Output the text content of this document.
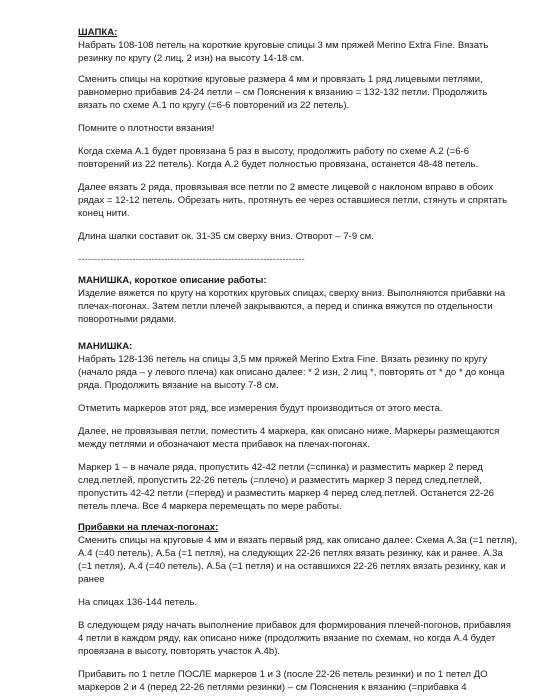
ШАПКА:

Набрать 108-108 петель на короткие круговые спицы 3 мм пряжей Merino Extra Fine. Вязать резинку по кругу (2 лиц, 2 изн) на высоту 14-18 см.

Сменить спицы на короткие круговые размера 4 мм и провязать 1 ряд лицевыми петлями, равномерно прибавив 24-24 петли – см Пояснения к вязанию = 132-132 петли. Продолжить вязать по схеме А.1 по кругу (=6-6 повторений из 22 петель).

Помните о плотности вязания!

Когда схема А.1 будет провязана 5 раз в высоту, продолжить работу по схеме А.2 (=6-6 повторений из 22 петель). Когда А.2 будет полностью провязана, останется 48-48 петель.

Далее вязать 2 ряда, провязывая все петли по 2 вместе лицевой с наклоном вправо в обоих рядах = 12-12 петель. Обрезать нить, протянуть ее через оставшиеся петли, стянуть и спрятать конец нити.

Длина шапки составит ок. 31-35 см сверху вниз. Отворот – 7-9 см.

-----------------------------------------------------------------------

МАНИШКА, короткое описание работы:

Изделие вяжется по кругу на коротких круговых спицах, сверху вниз. Выполняются прибавки на плечах-погонах. Затем петли плечей закрываются, а перед и спинка вяжутся по отдельности поворотными рядами.

МАНИШКА:

Набрать 128-136 петель на спицы 3,5 мм пряжей Merino Extra Fine. Вязать резинку по кругу (начало ряда – у левого плеча) как описано далее: * 2 изн, 2 лиц *, повторять от * до * до конца ряда. Продолжить вязание на высоту 7-8 см.

Отметить маркеров этот ряд, все измерения будут производиться от этого места.

Далее, не провязывая петли, поместить 4 маркера, как описано ниже. Маркеры размещаются между петлями и обозначают места прибавок на плечах-погонах.

Маркер 1 – в начале ряда, пропустить 42-42 петли (=спинка) и разместить маркер 2 перед след.петлей, пропустить 22-26 петель (=плечо) и разместить маркер 3 перед след.петлей, пропустить 42-42 петли (=перед) и разместить маркер 4 перед след.петлей. Останется 22-26 петель плеча. Все 4 маркера перемещать по мере работы.

Прибавки на плечах-погонах:

Сменить спицы на круговые 4 мм и вязать первый ряд, как описано далее: Схема А.3а (=1 петля), А.4 (=40 петель), А.5а (=1 петля), на следующих 22-26 петлях вязать резинку, как и ранее. А.3а (=1 петля), А.4 (=40 петель). А.5а (=1 петля) и на оставшихся 22-26 петлях вязать резинку, как и ранее

На спицах 136-144 петель.

В следующем ряду начать выполнение прибавок для формирования плечей-погонов, прибавляя 4 петли в каждом ряду, как описано ниже (продолжить вязание по схемам, но когда А.4 будет провязана в высоту, повторять участок А.4b).

Прибавить по 1 петле ПОСЛЕ маркеров 1 и 3 (после 22-26 петель резинки) и по 1 петел ДО маркеров 2 и 4 (перед 22-26 петлями резинки) – см Пояснения к вязанию (=прибавка 4
